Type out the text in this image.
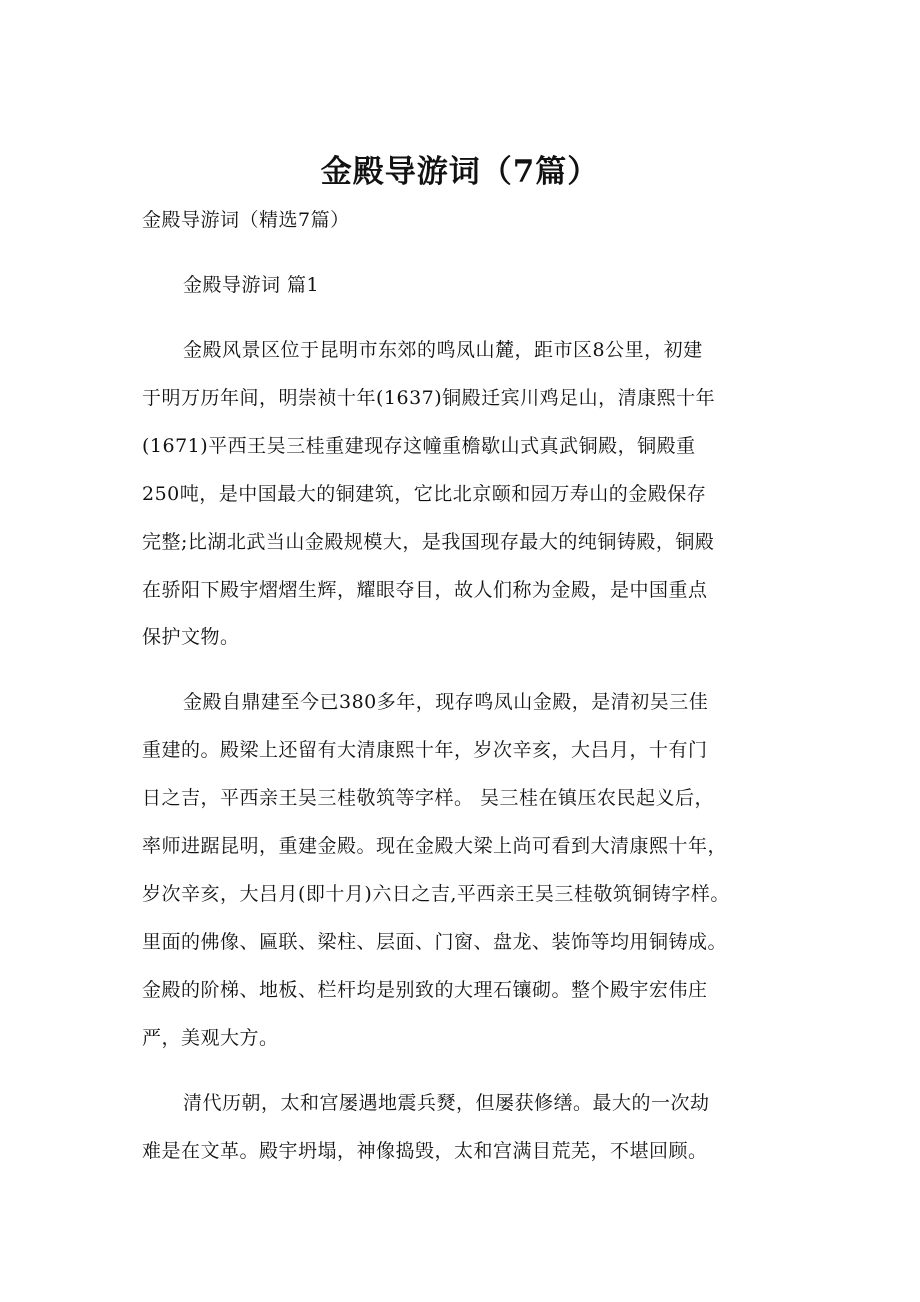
金殿导游词（7篇）
金殿导游词（精选7篇）
金殿导游词 篇1
金殿风景区位于昆明市东郊的鸣凤山麓，距市区8公里，初建
于明万历年间，明崇祯十年(1637)铜殿迁宾川鸡足山，清康熙十年
(1671)平西王吴三桂重建现存这幢重檐歇山式真武铜殿，铜殿重
250吨，是中国最大的铜建筑，它比北京颐和园万寿山的金殿保存
完整;比湖北武当山金殿规模大，是我国现存最大的纯铜铸殿，铜殿
在骄阳下殿宇熠熠生辉，耀眼夺目，故人们称为金殿，是中国重点
保护文物。
金殿自鼎建至今已380多年，现存鸣凤山金殿，是清初吴三佳
重建的。殿梁上还留有大清康熙十年，岁次辛亥，大吕月，十有门
日之吉，平西亲王吴三桂敬筑等字样。 吴三桂在镇压农民起义后，
率师进踞昆明，重建金殿。现在金殿大梁上尚可看到大清康熙十年，
岁次辛亥，大吕月(即十月)六日之吉,平西亲王吴三桂敬筑铜铸字样。
里面的佛像、匾联、梁柱、层面、门窗、盘龙、装饰等均用铜铸成。
金殿的阶梯、地板、栏杆均是别致的大理石镶砌。整个殿宇宏伟庄
严，美观大方。
清代历朝，太和宫屡遇地震兵燹，但屡获修缮。最大的一次劫
难是在文革。殿宇坍塌，神像捣毁，太和宫满目荒芜，不堪回顾。
